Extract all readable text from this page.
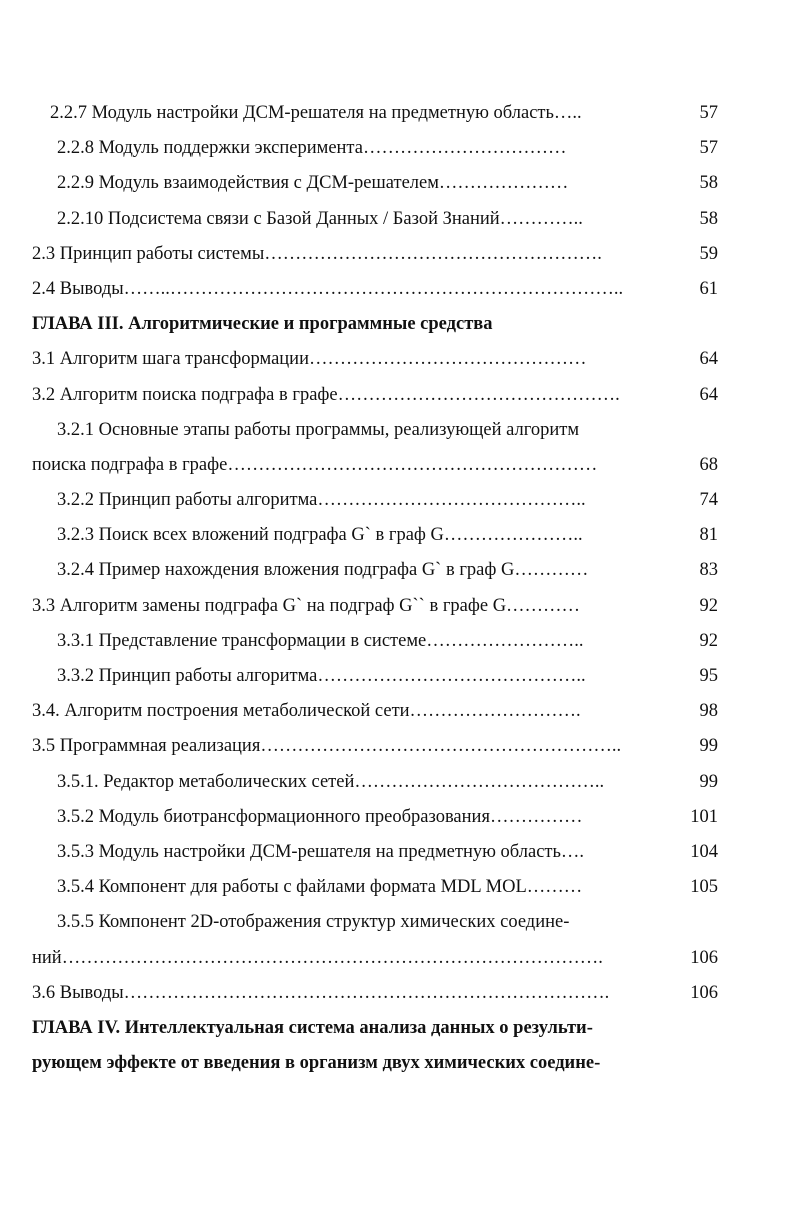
2.2.7 Модуль настройки ДСМ-решателя на предметную область…..	57
2.2.8 Модуль поддержки эксперимента……………………………	57
2.2.9 Модуль взаимодействия с ДСМ-решателем…………………	58
2.2.10 Подсистема связи с Базой Данных / Базой Знаний…………..	58
2.3 Принцип работы системы……………………………………………….	59
2.4 Выводы……..………………………………………………………………..	61
ГЛАВА III. Алгоритмические и программные средства
3.1 Алгоритм шага трансформации………………………………………	64
3.2 Алгоритм поиска подграфа в графе……………………………………….	64
3.2.1 Основные этапы работы программы, реализующей алгоритм
поиска подграфа в графе……………………………………………………	68
3.2.2 Принцип работы алгоритма……………………………………..	74
3.2.3 Поиск всех вложений подграфа G` в граф G…………………..	81
3.2.4 Пример нахождения вложения подграфа G` в граф G…………	83
3.3 Алгоритм замены подграфа G` на подграф G`` в графе G…………	92
3.3.1 Представление трансформации в системе……………………..	92
3.3.2 Принцип работы алгоритма……………………………………..	95
3.4. Алгоритм построения метаболической сети……………………….	98
3.5 Программная реализация…………………………………………………..	99
3.5.1. Редактор метаболических сетей…………………………………..	99
3.5.2 Модуль биотрансформационного преобразования……………	101
3.5.3 Модуль настройки ДСМ-решателя на предметную область….	104
3.5.4 Компонент для работы с файлами формата MDL MOL………	105
3.5.5 Компонент 2D-отображения структур химических соедине-
ний…………………………………………………………………………….	106
3.6 Выводы…………………………………………………………………….	106
ГЛАВА IV. Интеллектуальная система анализа данных о результи-
рующем эффекте от введения в организм двух химических соедине-
